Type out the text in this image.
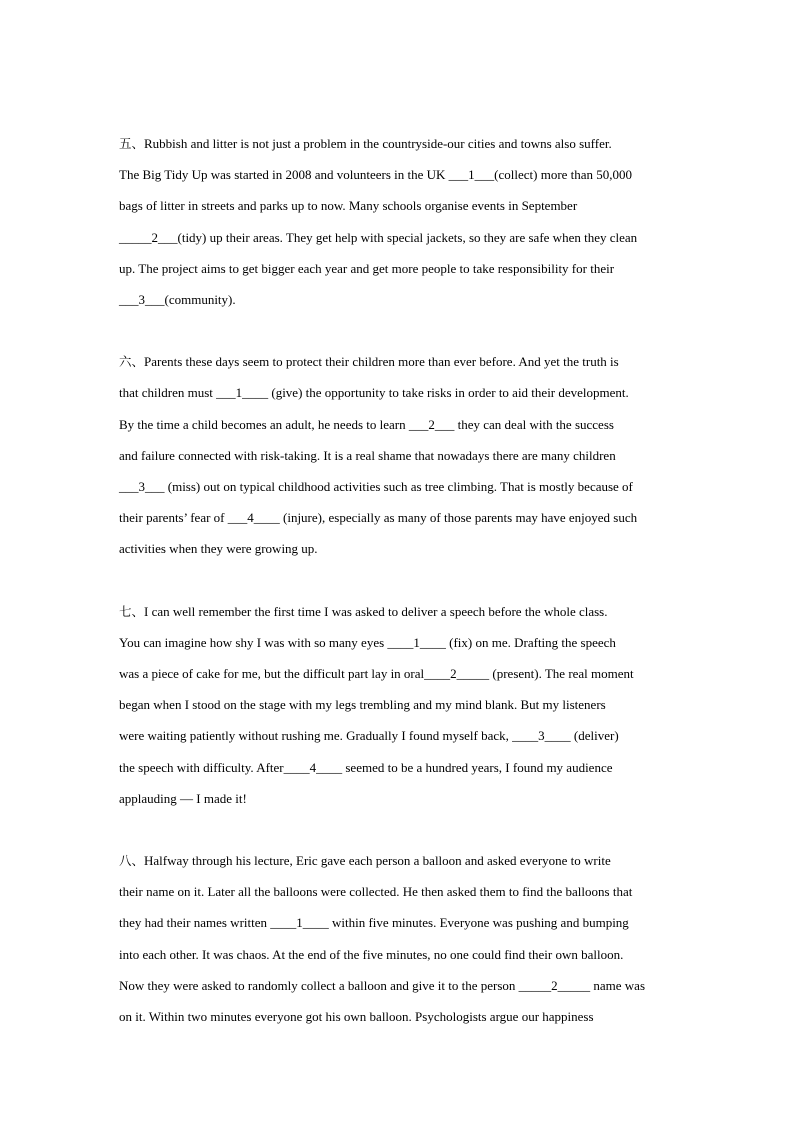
五、Rubbish and litter is not just a problem in the countryside-our cities and towns also suffer.
The Big Tidy Up was started in 2008 and volunteers in the UK ___1___(collect) more than 50,000
bags of litter in streets and parks up to now. Many schools organise events in September
_____2___(tidy) up their areas. They get help with special jackets, so they are safe when they clean
up. The project aims to get bigger each year and get more people to take responsibility for their
___3___(community).
六、Parents these days seem to protect their children more than ever before. And yet the truth is
that children must ___1____ (give) the opportunity to take risks in order to aid their development.
By the time a child becomes an adult, he needs to learn ___2___ they can deal with the success
and failure connected with risk-taking. It is a real shame that nowadays there are many children
___3___ (miss) out on typical childhood activities such as tree climbing. That is mostly because of
their parents’ fear of ___4____ (injure), especially as many of those parents may have enjoyed such
activities when they were growing up.
七、I can well remember the first time I was asked to deliver a speech before the whole class.
You can imagine how shy I was with so many eyes ____1____ (fix) on me. Drafting the speech
was a piece of cake for me, but the difficult part lay in oral____2_____ (present). The real moment
began when I stood on the stage with my legs trembling and my mind blank. But my listeners
were waiting patiently without rushing me. Gradually I found myself back, ____3____ (deliver)
the speech with difficulty. After____4____ seemed to be a hundred years, I found my audience
applauding — I made it!
八、Halfway through his lecture, Eric gave each person a balloon and asked everyone to write
their name on it. Later all the balloons were collected. He then asked them to find the balloons that
they had their names written ____1____ within five minutes. Everyone was pushing and bumping
into each other. It was chaos. At the end of the five minutes, no one could find their own balloon.
Now they were asked to randomly collect a balloon and give it to the person _____2_____ name was
on it. Within two minutes everyone got his own balloon. Psychologists argue our happiness
